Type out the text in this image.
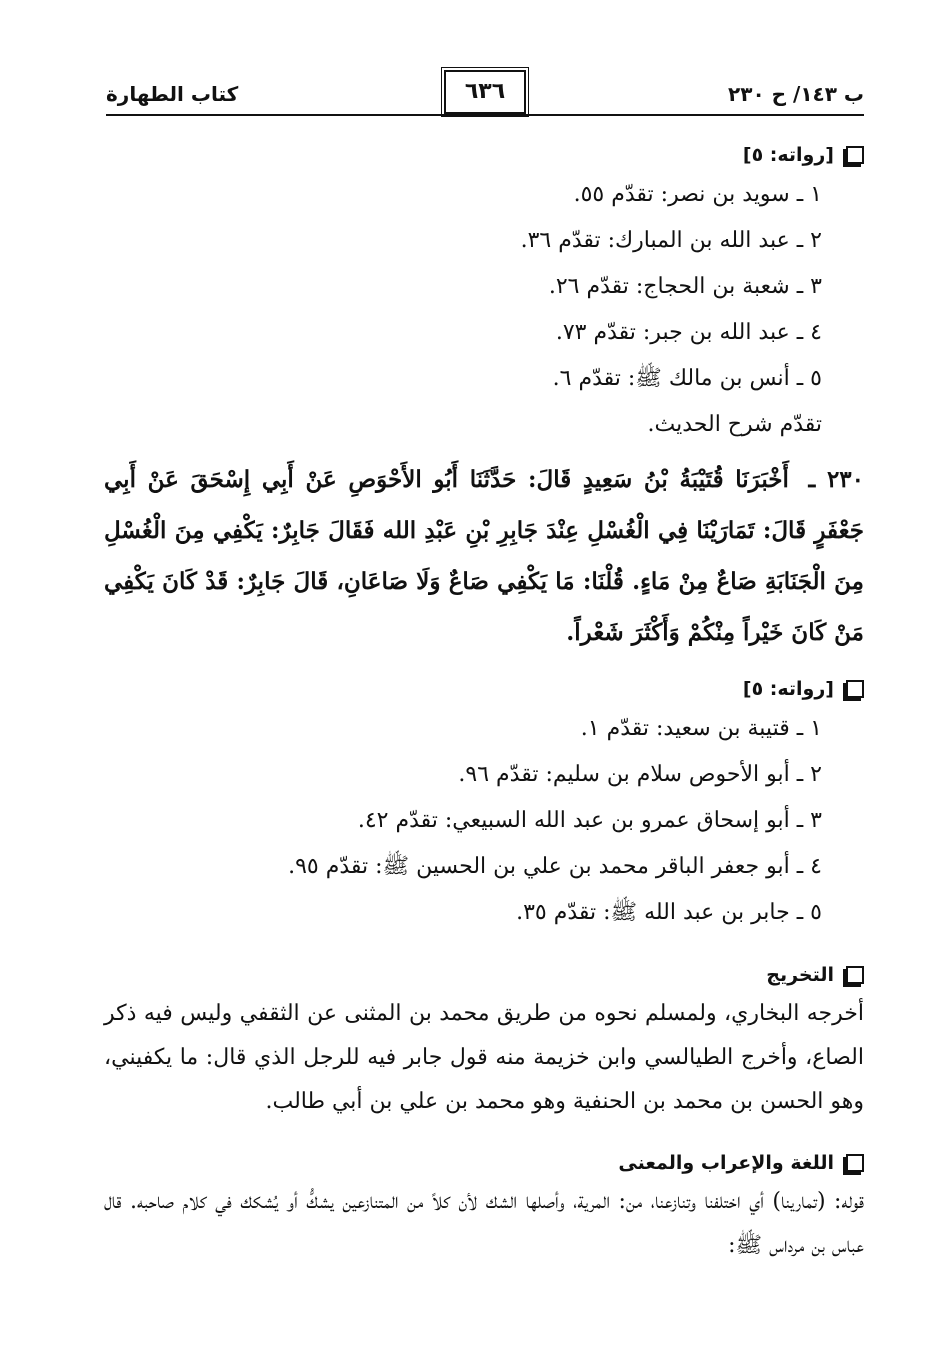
ب ١٤٣/ ح ٢٣٠
٦٣٦
كتاب الطهارة
[رواته: ٥]
١ ـ سويد بن نصر: تقدّم ٥٥.
٢ ـ عبد الله بن المبارك: تقدّم ٣٦.
٣ ـ شعبة بن الحجاج: تقدّم ٢٦.
٤ ـ عبد الله بن جبر: تقدّم ٧٣.
٥ ـ أنس بن مالك ﷺ: تقدّم ٦.
تقدّم شرح الحديث.
٢٣٠ ـ أَخْبَرَنَا قُتَيْبَةُ بْنُ سَعِيدٍ قَالَ: حَدَّثَنَا أَبُو الأَحْوَصِ عَنْ أَبِي إِسْحَقَ عَنْ أَبِي جَعْفَرٍ قَالَ: تَمَارَيْنَا فِي الْغُسْلِ عِنْدَ جَابِرِ بْنِ عَبْدِ الله فَقَالَ جَابِرٌ: يَكْفِي مِنَ الْغُسْلِ مِنَ الْجَنَابَةِ صَاعٌ مِنْ مَاءٍ. قُلْنَا: مَا يَكْفِي صَاعٌ وَلَا صَاعَانِ، قَالَ جَابِرٌ: قَدْ كَانَ يَكْفِي مَنْ كَانَ خَيْراً مِنْكُمْ وَأَكْثَرَ شَعْراً.
[رواته: ٥]
١ ـ قتيبة بن سعيد: تقدّم ١.
٢ ـ أبو الأحوص سلام بن سليم: تقدّم ٩٦.
٣ ـ أبو إسحاق عمرو بن عبد الله السبيعي: تقدّم ٤٢.
٤ ـ أبو جعفر الباقر محمد بن علي بن الحسين ﷺ: تقدّم ٩٥.
٥ ـ جابر بن عبد الله ﷺ: تقدّم ٣٥.
التخريج
أخرجه البخاري، ولمسلم نحوه من طريق محمد بن المثنى عن الثقفي وليس فيه ذكر الصاع، وأخرج الطيالسي وابن خزيمة منه قول جابر فيه للرجل الذي قال: ما يكفيني، وهو الحسن بن محمد بن الحنفية وهو محمد بن علي بن أبي طالب.
اللغة والإعراب والمعنى
قوله: (تمارينا) أي اختلفنا وتنازعنا، من: المرية، وأصلها الشك لأن كلاً من المتنازعين يشكُّ أو يُشكك في كلام صاحبه. قال عباس بن مرداس ﷺ:
